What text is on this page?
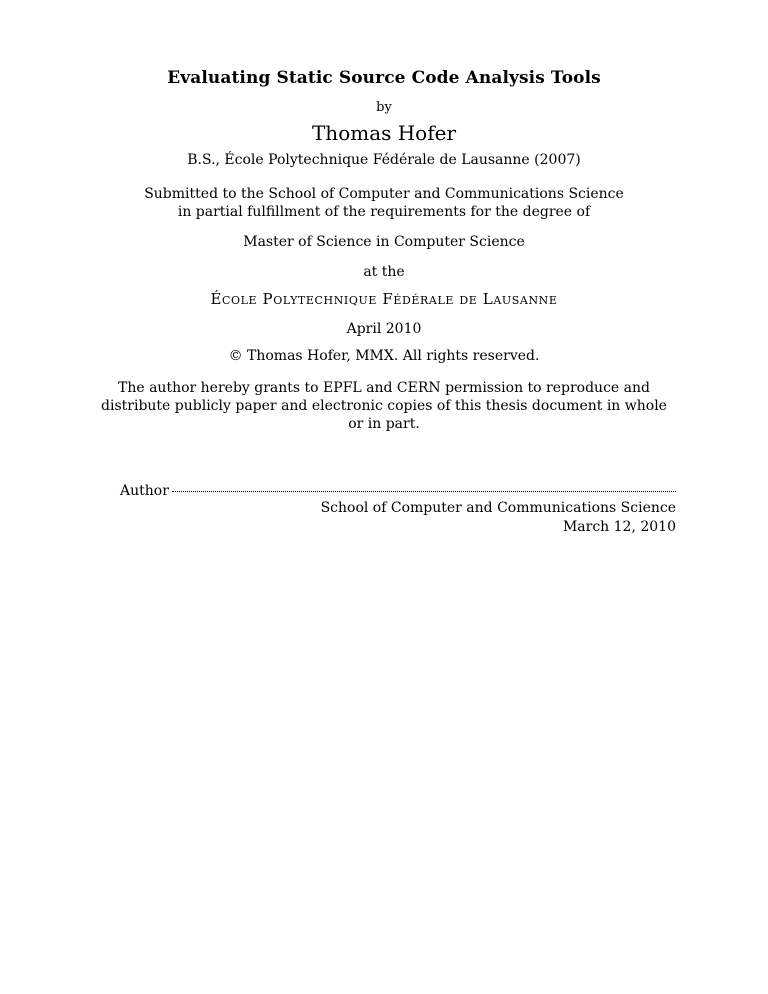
Evaluating Static Source Code Analysis Tools
by
Thomas Hofer
B.S., École Polytechnique Fédérale de Lausanne (2007)
Submitted to the School of Computer and Communications Science
in partial fulfillment of the requirements for the degree of
Master of Science in Computer Science
at the
École Polytechnique Fédérale de Lausanne
April 2010
© Thomas Hofer, MMX. All rights reserved.
The author hereby grants to EPFL and CERN permission to reproduce and distribute publicly paper and electronic copies of this thesis document in whole or in part.
Author
School of Computer and Communications Science
March 12, 2010
